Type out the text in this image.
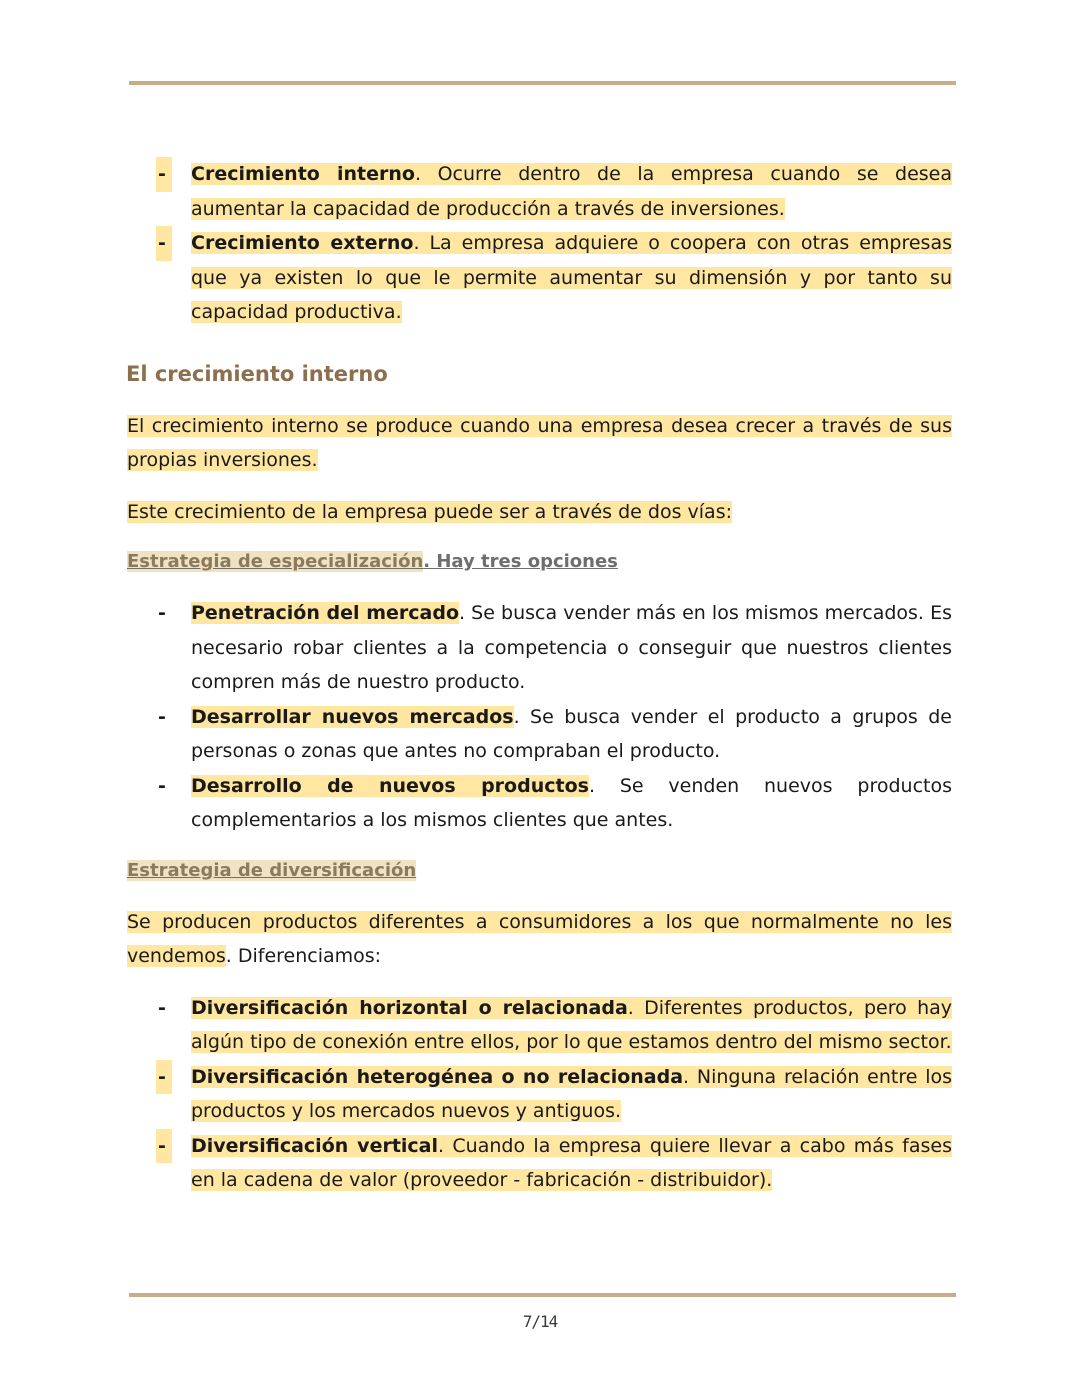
-	Crecimiento interno. Ocurre dentro de la empresa cuando se desea aumentar la capacidad de producción a través de inversiones.
-	Crecimiento externo. La empresa adquiere o coopera con otras empresas que ya existen lo que le permite aumentar su dimensión y por tanto su capacidad productiva.
El crecimiento interno

El crecimiento interno se produce cuando una empresa desea crecer a través de sus propias inversiones.

Este crecimiento de la empresa puede ser a través de dos vías:

Estrategia de especialización. Hay tres opciones
-	Penetración del mercado. Se busca vender más en los mismos mercados. Es necesario robar clientes a la competencia o conseguir que nuestros clientes compren más de nuestro producto.
-	Desarrollar nuevos mercados. Se busca vender el producto a grupos de personas o zonas que antes no compraban el producto.
-	Desarrollo de nuevos productos. Se venden nuevos productos complementarios a los mismos clientes que antes.
Estrategia de diversificación

Se producen productos diferentes a consumidores a los que normalmente no les vendemos. Diferenciamos:

-	Diversificación horizontal o relacionada. Diferentes productos, pero hay algún tipo de conexión entre ellos, por lo que estamos dentro del mismo sector.
-	Diversificación heterogénea o no relacionada. Ninguna relación entre los productos y los mercados nuevos y antiguos.
-	Diversificación vertical. Cuando la empresa quiere llevar a cabo más fases en la cadena de valor (proveedor - fabricación - distribuidor).
7/14
